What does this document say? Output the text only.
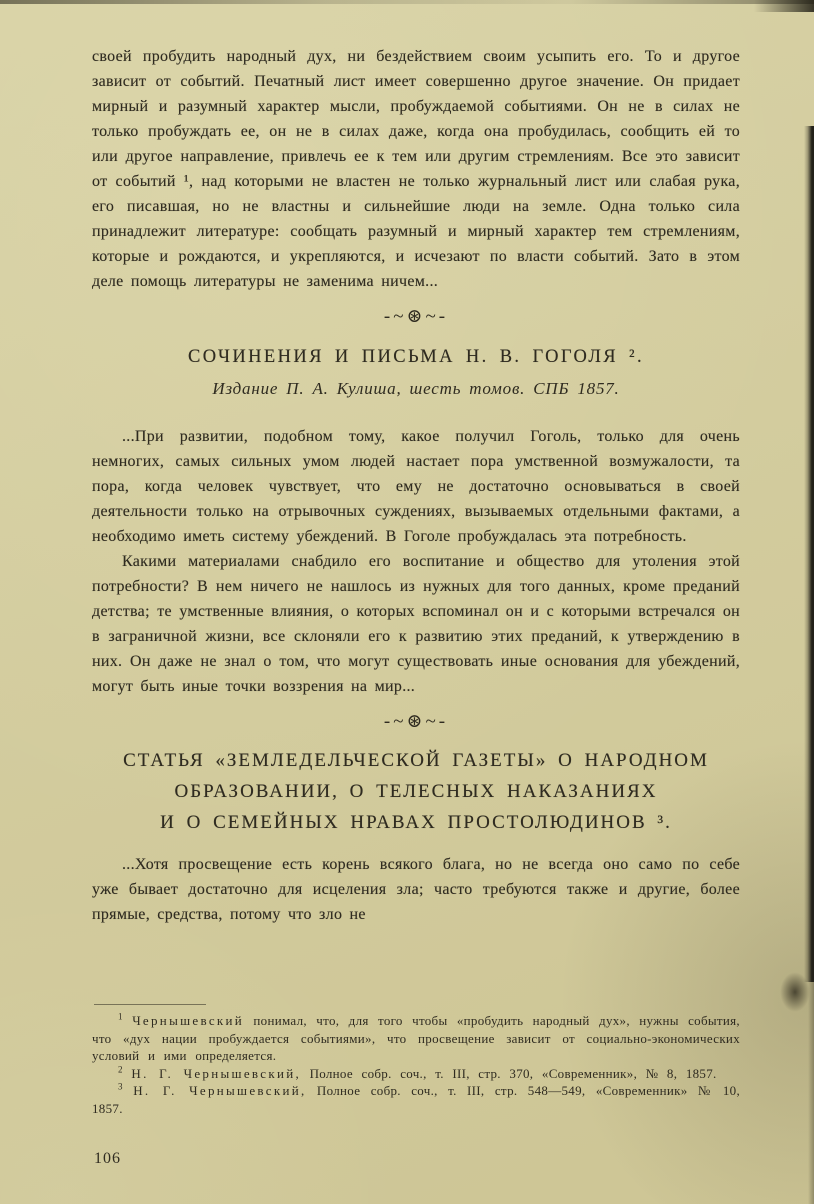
своей пробудить народный дух, ни бездействием своим усыпить его. То и другое зависит от событий. Печатный лист имеет совершенно другое значение. Он придает мирный и разумный характер мысли, пробуждаемой событиями. Он не в силах не только пробуждать ее, он не в силах даже, когда она пробудилась, сообщить ей то или другое направление, привлечь ее к тем или другим стремлениям. Все это зависит от событий ¹, над которыми не властен не только журнальный лист или слабая рука, его писавшая, но не властны и сильнейшие люди на земле. Одна только сила принадлежит литературе: сообщать разумный и мирный характер тем стремлениям, которые и рождаются, и укрепляются, и исчезают по власти событий. Зато в этом деле помощь литературы не заменима ничем...

-~⊛~-
СОЧИНЕНИЯ И ПИСЬМА Н. В. ГОГОЛЯ ².
Издание П. А. Кулиша, шесть томов. СПБ 1857.

...При развитии, подобном тому, какое получил Гоголь, только для очень немногих, самых сильных умом людей настает пора умственной возмужалости, та пора, когда человек чувствует, что ему не достаточно основываться в своей деятельности только на отрывочных суждениях, вызываемых отдельными фактами, а необходимо иметь систему убеждений. В Гоголе пробуждалась эта потребность.

Какими материалами снабдило его воспитание и общество для утоления этой потребности? В нем ничего не нашлось из нужных для того данных, кроме преданий детства; те умственные влияния, о которых вспоминал он и с которыми встречался он в заграничной жизни, все склоняли его к развитию этих преданий, к утверждению в них. Он даже не знал о том, что могут существовать иные основания для убеждений, могут быть иные точки воззрения на мир...

-~⊛~-
СТАТЬЯ «ЗЕМЛЕДЕЛЬЧЕСКОЙ ГАЗЕТЫ» О НАРОДНОМ
ОБРАЗОВАНИИ, О ТЕЛЕСНЫХ НАКАЗАНИЯХ
И О СЕМЕЙНЫХ НРАВАХ ПРОСТОЛЮДИНОВ ³.

...Хотя просвещение есть корень всякого блага, но не всегда оно само по себе уже бывает достаточно для исцеления зла; часто требуются также и другие, более прямые, средства, потому что зло не

$^1$ Чернышевский понимал, что, для того чтобы «пробудить народный дух», нужны события, что «дух нации пробуждается событиями», что просвещение зависит от социально-экономических условий и ими определяется.

$^2$ Н. Г. Чернышевский, Полное собр. соч., т. III, стр. 370, «Современник», № 8, 1857.

$^3$ Н. Г. Чернышевский, Полное собр. соч., т. III, стр. 548—549, «Современник» № 10, 1857.

106
